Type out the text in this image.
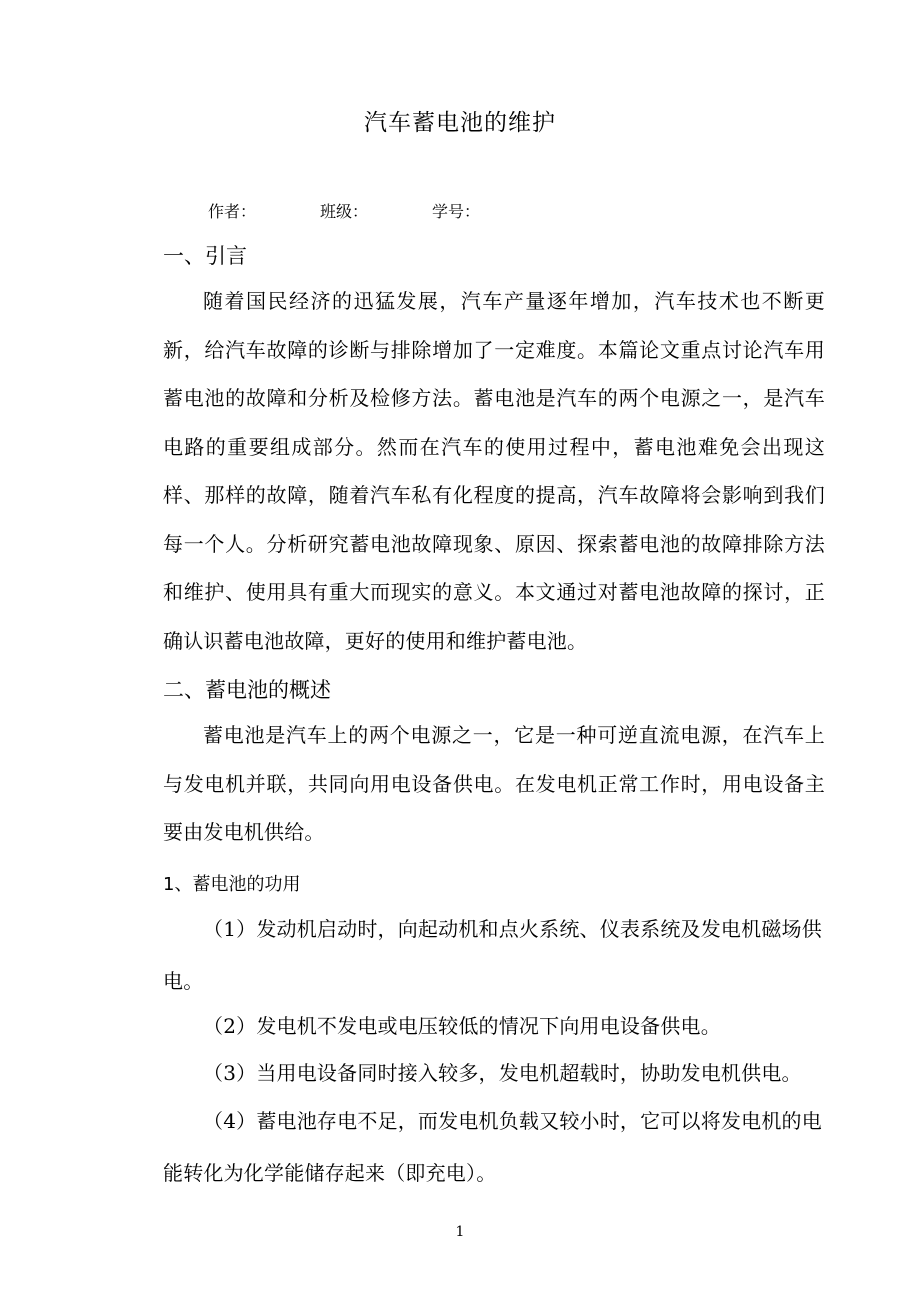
汽车蓄电池的维护
作者：	班级：	学号：
一、引言

随着国民经济的迅猛发展，汽车产量逐年增加，汽车技术也不断更新，给汽车故障的诊断与排除增加了一定难度。本篇论文重点讨论汽车用蓄电池的故障和分析及检修方法。蓄电池是汽车的两个电源之一，是汽车电路的重要组成部分。然而在汽车的使用过程中，蓄电池难免会出现这样、那样的故障，随着汽车私有化程度的提高，汽车故障将会影响到我们每一个人。分析研究蓄电池故障现象、原因、探索蓄电池的故障排除方法和维护、使用具有重大而现实的意义。本文通过对蓄电池故障的探讨，正确认识蓄电池故障，更好的使用和维护蓄电池。

二、蓄电池的概述

蓄电池是汽车上的两个电源之一，它是一种可逆直流电源，在汽车上与发电机并联，共同向用电设备供电。在发电机正常工作时，用电设备主要由发电机供给。

1、蓄电池的功用

（1）发动机启动时，向起动机和点火系统、仪表系统及发电机磁场供电。

（2）发电机不发电或电压较低的情况下向用电设备供电。

（3）当用电设备同时接入较多，发电机超载时，协助发电机供电。

（4）蓄电池存电不足，而发电机负载又较小时，它可以将发电机的电能转化为化学能储存起来（即充电）。

1
